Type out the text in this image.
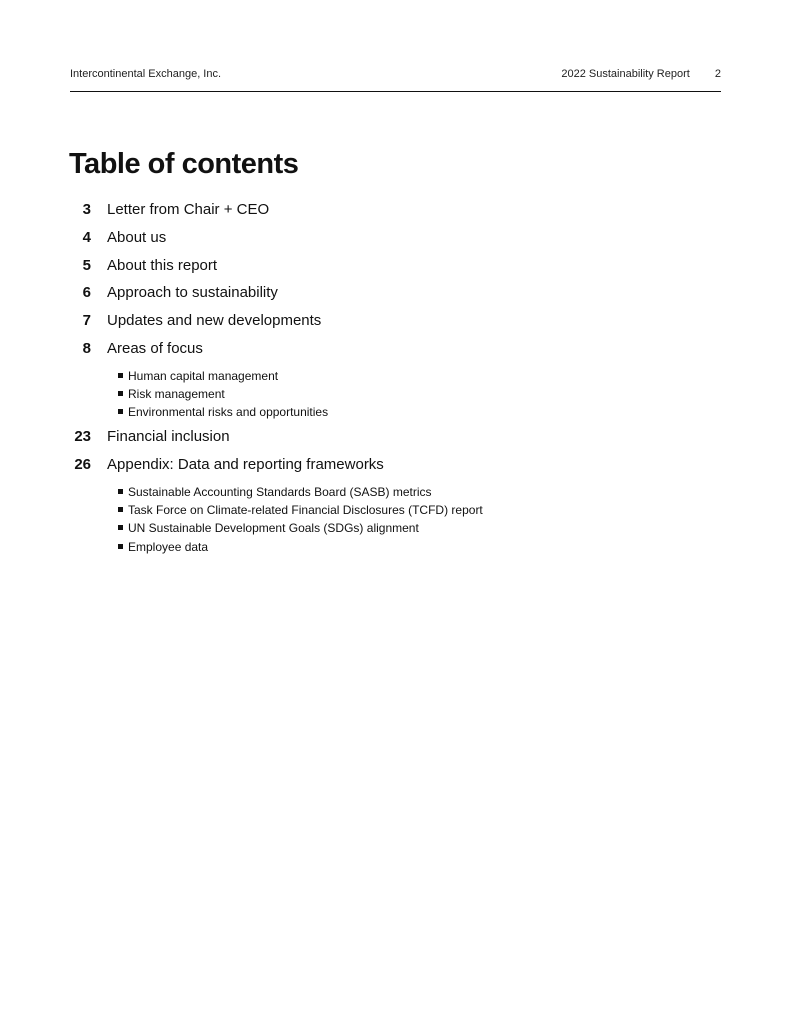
Intercontinental Exchange, Inc.	2022 Sustainability Report 2
Table of contents
3 Letter from Chair + CEO
4 About us
5 About this report
6 Approach to sustainability
7 Updates and new developments
8 Areas of focus
Human capital management
Risk management
Environmental risks and opportunities
23 Financial inclusion
26 Appendix: Data and reporting frameworks
Sustainable Accounting Standards Board (SASB) metrics
Task Force on Climate-related Financial Disclosures (TCFD) report
UN Sustainable Development Goals (SDGs) alignment
Employee data
